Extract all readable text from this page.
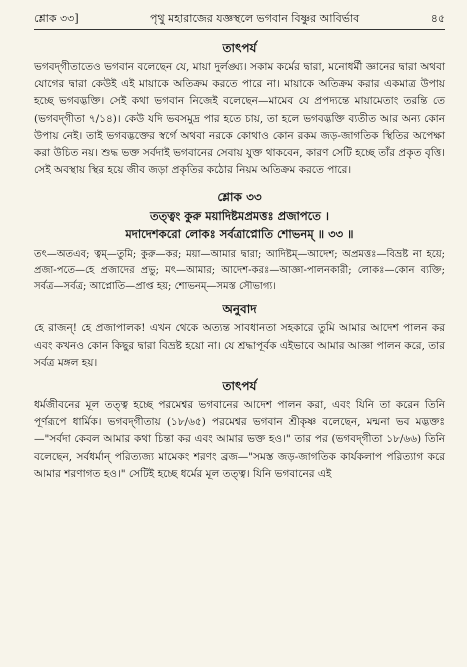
শ্লোক ৩৩]	পৃথু মহারাজের যজ্ঞস্থলে ভগবান বিষ্ণুর আবির্ভাব	৪৫
তাৎপর্য

ভগবদ্‌গীতাতেও ভগবান বলেছেন যে, মায়া দুর্লঙ্ঘ্য। সকাম কর্মের দ্বারা, মনোধর্মী জ্ঞানের দ্বারা অথবা যোগের দ্বারা কেউই এই মায়াকে অতিক্রম করতে পারে না। মায়াকে অতিক্রম করার একমাত্র উপায় হচ্ছে ভগবদ্ভক্তি। সেই কথা ভগবান নিজেই বলেছেন—মামেব যে প্রপদ্যন্তে মায়ামেতাং তরন্তি তে (ভগবদ্‌গীতা ৭/১৪)। কেউ যদি ভবসমুদ্র পার হতে চায়, তা হলে ভগবদ্ভক্তি ব্যতীত আর অন্য কোন উপায় নেই। তাই ভগবদ্ভক্তের স্বর্গে অথবা নরকে কোথাও কোন রকম জড়-জাগতিক স্থিতির অপেক্ষা করা উচিত নয়। শুদ্ধ ভক্ত সর্বদাই ভগবানের সেবায় যুক্ত থাকবেন, কারণ সেটি হচ্ছে তাঁর প্রকৃত বৃত্তি। সেই অবস্থায় স্থির হয়ে জীব জড়া প্রকৃতির কঠোর নিয়ম অতিক্রম করতে পারে।

শ্লোক ৩৩
তত্ত্বং কুরু ময়াদিষ্টমপ্রমত্তঃ প্রজাপতে ।
মদাদেশকরো লোকঃ সর্বত্রাপ্নোতি শোভনম্ ॥ ৩৩ ॥

তৎ—অতএব; ত্বম্—তুমি; কুরু—কর; ময়া—আমার দ্বারা; আদিষ্টম্—আদেশ; অপ্রমত্তঃ—বিভ্রষ্ট না হয়ে; প্রজা-পতে—হে প্রজাদের প্রভু; মৎ—আমার; আদেশ-করঃ—আজ্ঞা-পালনকারী; লোকঃ—কোন ব্যক্তি; সর্বত্র—সর্বত্র; আপ্নোতি—প্রাপ্ত হয়; শোভনম্—সমস্ত সৌভাগ্য।

অনুবাদ

হে রাজন্! হে প্রজাপালক! এখন থেকে অত্যন্ত সাবধানতা সহকারে তুমি আমার আদেশ পালন কর এবং কখনও কোন কিছুর দ্বারা বিভ্রষ্ট হয়ো না। যে শ্রদ্ধাপূর্বক এইভাবে আমার আজ্ঞা পালন করে, তার সর্বত্র মঙ্গল হয়।

তাৎপর্য

ধর্মজীবনের মূল তত্ত্ব হচ্ছে পরমেশ্বর ভগবানের আদেশ পালন করা, এবং যিনি তা করেন তিনি পূর্ণরূপে ধার্মিক। ভগবদ্‌গীতায় (১৮/৬৫) পরমেশ্বর ভগবান শ্রীকৃষ্ণ বলেছেন, মন্মনা ভব মদ্ভক্তঃ—"সর্বদা কেবল আমার কথা চিন্তা কর এবং আমার ভক্ত হও।" তার পর (ভগবদ্‌গীতা ১৮/৬৬) তিনি বলেছেন, সর্বধর্মান্ পরিত্যজ্য মামেকং শরণং ব্রজ—"সমস্ত জড়-জাগতিক কার্যকলাপ পরিত্যাগ করে আমার শরণাগত হও।" সেটিই হচ্ছে ধর্মের মূল তত্ত্ব। যিনি ভগবানের এই
